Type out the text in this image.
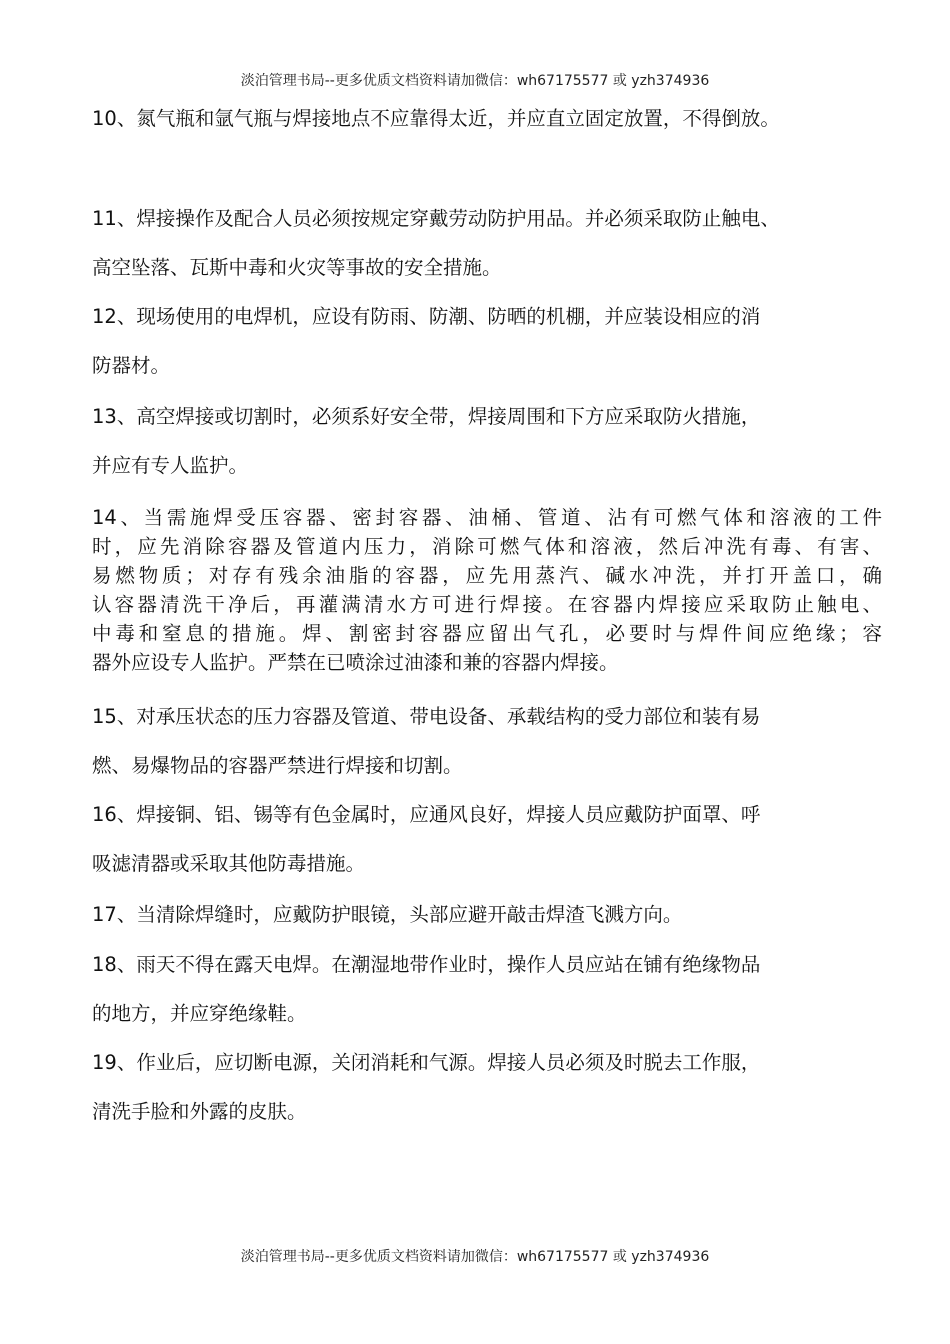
淡泊管理书局--更多优质文档资料请加微信：wh67175577 或 yzh374936
10、氮气瓶和氩气瓶与焊接地点不应靠得太近，并应直立固定放置，不得倒放。
11、焊接操作及配合人员必须按规定穿戴劳动防护用品。并必须采取防止触电、
高空坠落、瓦斯中毒和火灾等事故的安全措施。
12、现场使用的电焊机，应设有防雨、防潮、防晒的机棚，并应装设相应的消
防器材。
13、高空焊接或切割时，必须系好安全带，焊接周围和下方应采取防火措施，
并应有专人监护。
14、当需施焊受压容器、密封容器、油桶、管道、沾有可燃气体和溶液的工件
时，应先消除容器及管道内压力，消除可燃气体和溶液，然后冲洗有毒、有害、
易燃物质；对存有残余油脂的容器，应先用蒸汽、碱水冲洗，并打开盖口，确
认容器清洗干净后，再灌满清水方可进行焊接。在容器内焊接应采取防止触电、
中毒和窒息的措施。焊、割密封容器应留出气孔，必要时与焊件间应绝缘；容
器外应设专人监护。严禁在已喷涂过油漆和兼的容器内焊接。
15、对承压状态的压力容器及管道、带电设备、承载结构的受力部位和装有易
燃、易爆物品的容器严禁进行焊接和切割。
16、焊接铜、铝、锡等有色金属时，应通风良好，焊接人员应戴防护面罩、呼
吸滤清器或采取其他防毒措施。
17、当清除焊缝时，应戴防护眼镜，头部应避开敲击焊渣飞溅方向。
18、雨天不得在露天电焊。在潮湿地带作业时，操作人员应站在铺有绝缘物品
的地方，并应穿绝缘鞋。
19、作业后，应切断电源，关闭消耗和气源。焊接人员必须及时脱去工作服，
清洗手脸和外露的皮肤。
淡泊管理书局--更多优质文档资料请加微信：wh67175577 或 yzh374936
